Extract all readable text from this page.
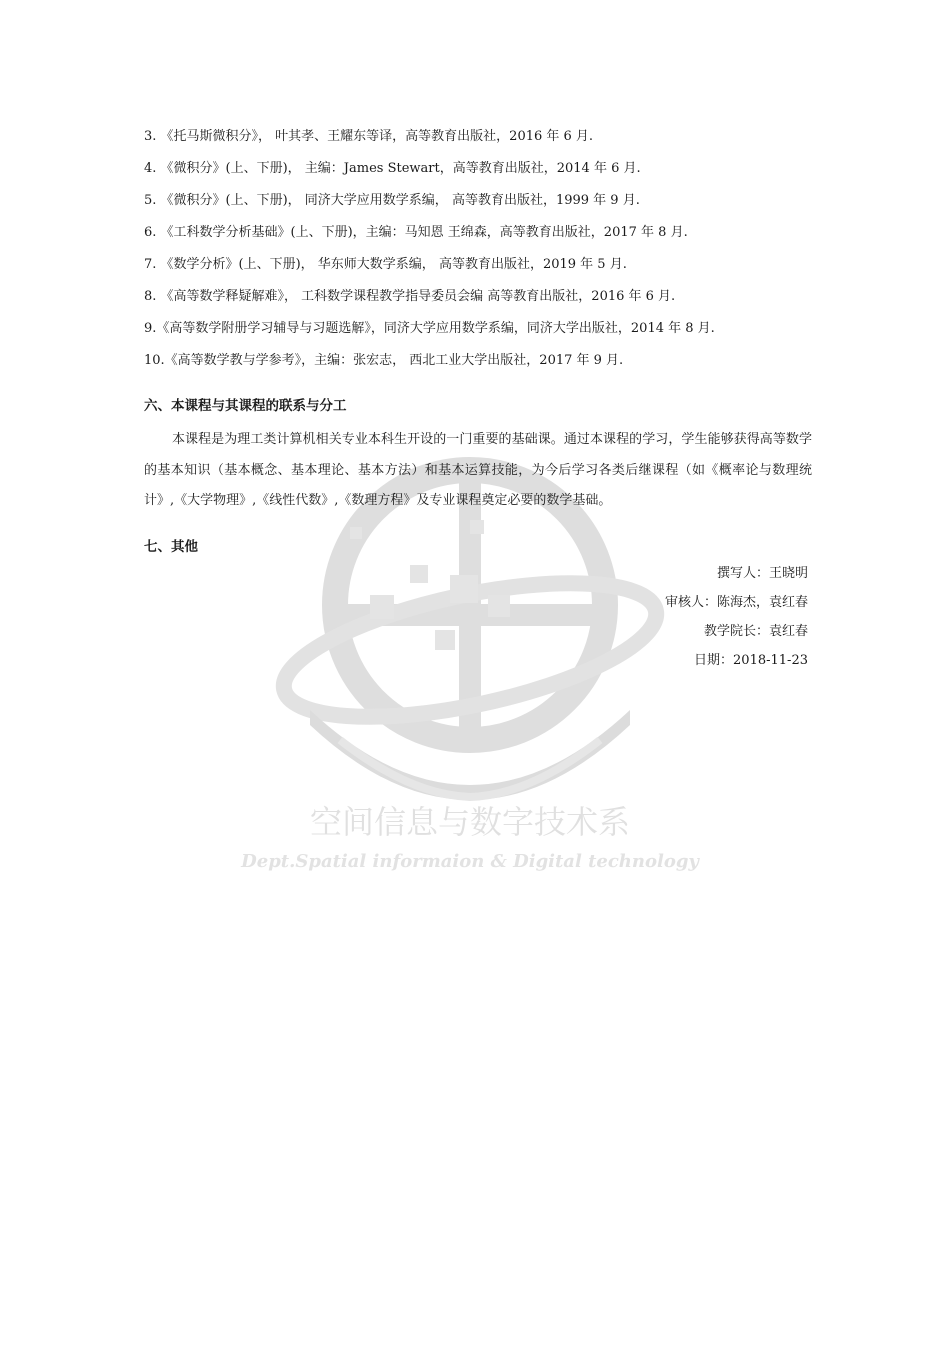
2008
空间信息与数字技术系
Dept.Spatial informaion & Digital technology
3. 《托马斯微积分》， 叶其孝、王耀东等译，高等教育出版社，2016 年 6 月.
4. 《微积分》(上、下册)， 主编：James Stewart，高等教育出版社，2014 年 6 月.
5. 《微积分》(上、下册)， 同济大学应用数学系编， 高等教育出版社，1999 年 9 月.
6. 《工科数学分析基础》(上、下册)，主编：马知恩 王绵森，高等教育出版社，2017 年 8 月.
7. 《数学分析》(上、下册)， 华东师大数学系编， 高等教育出版社，2019 年 5 月.
8. 《高等数学释疑解难》， 工科数学课程教学指导委员会编 高等教育出版社，2016 年 6 月.
9.《高等数学附册学习辅导与习题选解》，同济大学应用数学系编，同济大学出版社，2014 年 8 月.
10.《高等数学教与学参考》，主编：张宏志， 西北工业大学出版社，2017 年 9 月.
六、本课程与其课程的联系与分工

本课程是为理工类计算机相关专业本科生开设的一门重要的基础课。通过本课程的学习，学生能够获得高等数学的基本知识（基本概念、基本理论、基本方法）和基本运算技能，为今后学习各类后继课程（如《概率论与数理统计》,《大学物理》,《线性代数》,《数理方程》及专业课程奠定必要的数学基础。

七、其他
撰写人：王晓明
审核人：陈海杰，袁红春
教学院长：袁红春
日期：2018-11-23
